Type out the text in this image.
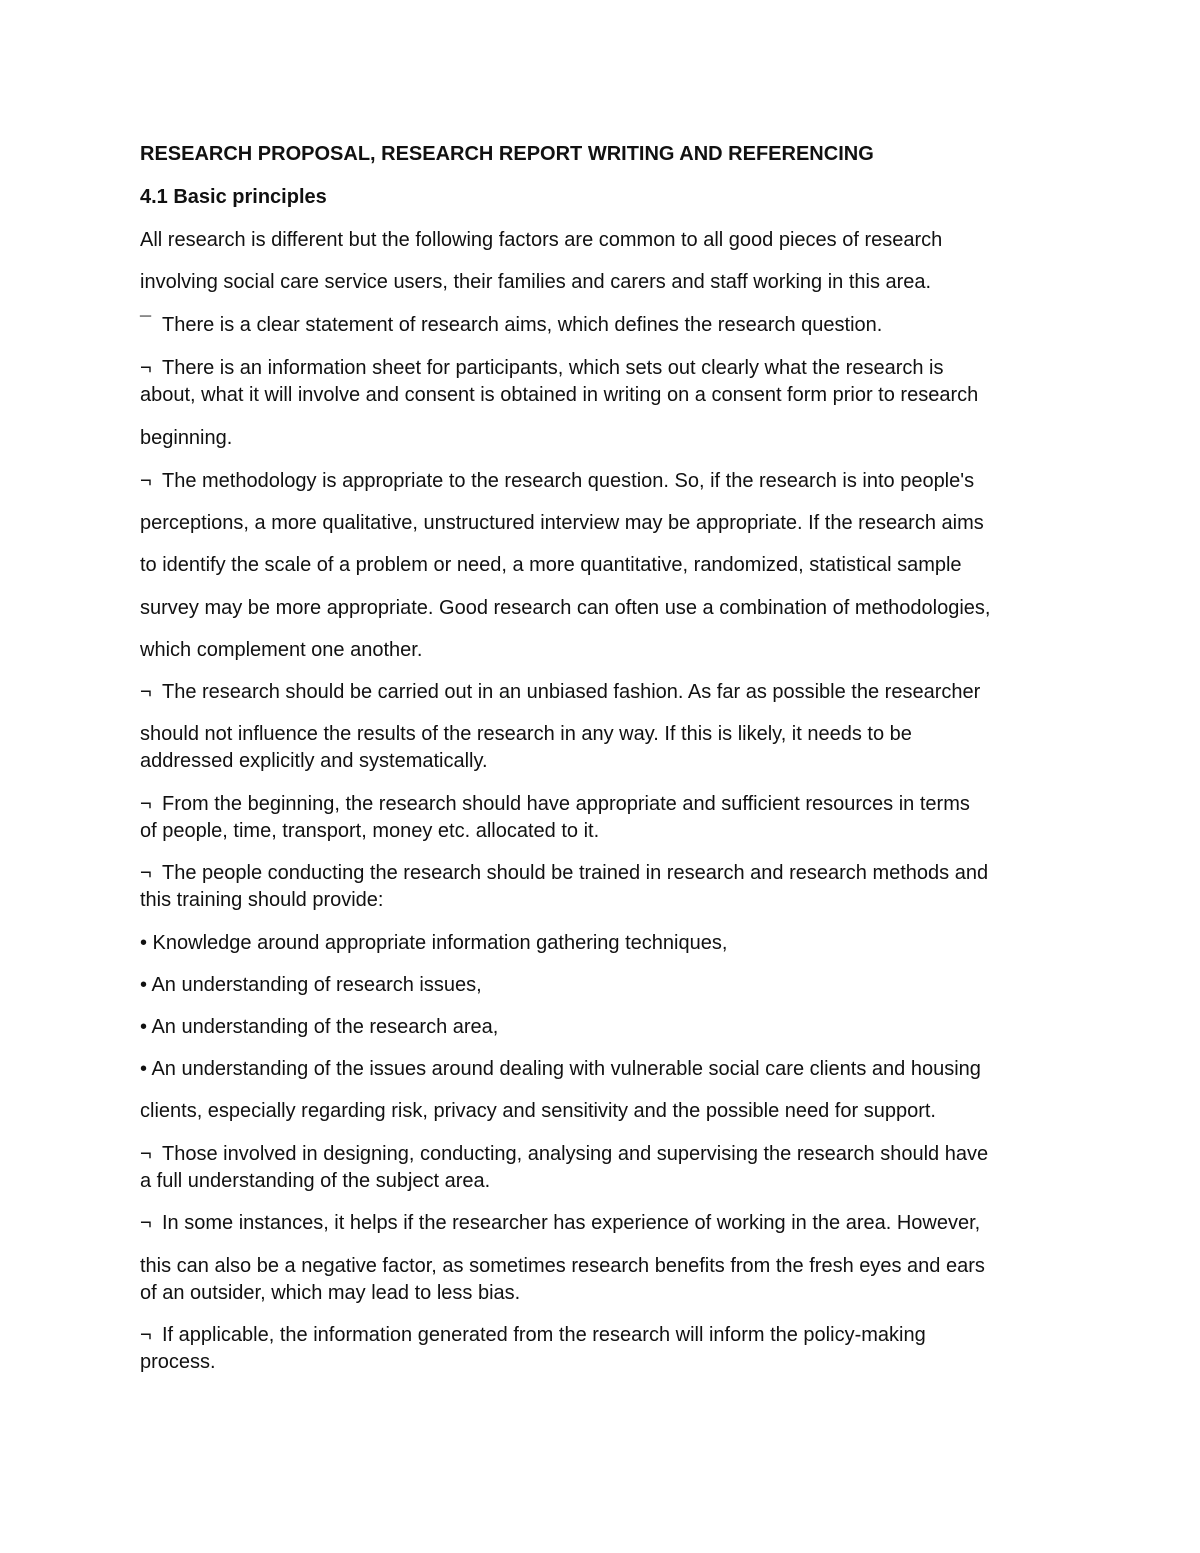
RESEARCH PROPOSAL, RESEARCH REPORT WRITING AND REFERENCING

4.1 Basic principles

All research is different but the following factors are common to all good pieces of research

involving social care service users, their families and carers and staff working in this area.

¯ There is a clear statement of research aims, which defines the research question.

¬ There is an information sheet for participants, which sets out clearly what the research is

about, what it will involve and consent is obtained in writing on a consent form prior to research

beginning.

¬ The methodology is appropriate to the research question. So, if the research is into people's

perceptions, a more qualitative, unstructured interview may be appropriate. If the research aims

to identify the scale of a problem or need, a more quantitative, randomized, statistical sample

survey may be more appropriate. Good research can often use a combination of methodologies,

which complement one another.

¬ The research should be carried out in an unbiased fashion. As far as possible the researcher

should not influence the results of the research in any way. If this is likely, it needs to be

addressed explicitly and systematically.

¬ From the beginning, the research should have appropriate and sufficient resources in terms

of people, time, transport, money etc. allocated to it.

¬ The people conducting the research should be trained in research and research methods and

this training should provide:

• Knowledge around appropriate information gathering techniques,

• An understanding of research issues,

• An understanding of the research area,

• An understanding of the issues around dealing with vulnerable social care clients and housing

clients, especially regarding risk, privacy and sensitivity and the possible need for support.

¬ Those involved in designing, conducting, analysing and supervising the research should have

a full understanding of the subject area.

¬ In some instances, it helps if the researcher has experience of working in the area. However,

this can also be a negative factor, as sometimes research benefits from the fresh eyes and ears

of an outsider, which may lead to less bias.

¬ If applicable, the information generated from the research will inform the policy-making

process.
